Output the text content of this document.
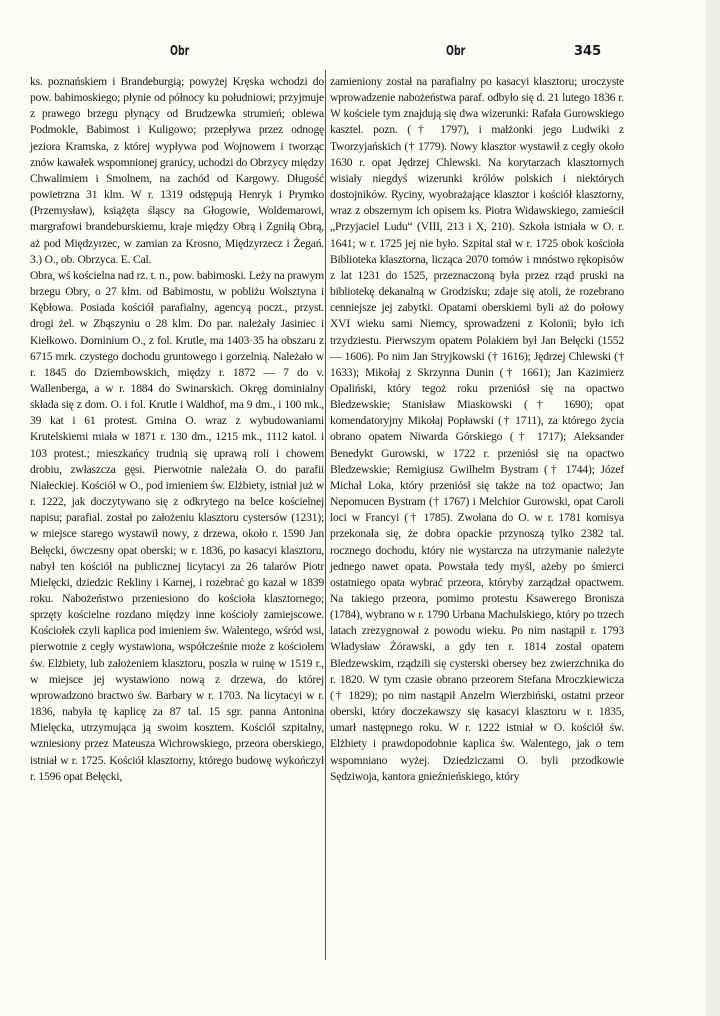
Obr	Obr	345

ks. poznańskiem i Brandeburgią; powyżej Kręska wchodzi do pow. babimoskiego; płynie od północy ku południowi; przyjmuje z prawego brzegu płynący od Brudzewka strumień; oblewa Podmokle, Babimost i Kuligowo; przepływa przez odnogę jeziora Kramska, z której wypływa pod Wojnowem i tworząc znów kawałek wspomnionej granicy, uchodzi do Obrzycy między Chwalimiem i Smolnem, na zachód od Kargowy. Długość powietrzna 31 klm. W r. 1319 odstępują Henryk i Prymko (Przemysław), książęta śląscy na Głogowie, Woldemarowi, margrafowi brandeburskiemu, kraje między Obrą i Zgniłą Obrą, aż pod Międzyrzec, w zamian za Krosno, Międzyrzecz i Żegań. 3.) O., ob. Obrzyca. E. Cal.

Obra, wś kościelna nad rz. t. n., pow. babimoski. Leży na prawym brzegu Obry, o 27 klm. od Babimostu, w pobliżu Wolsztyna i Kębłowa. Posiada kościół parafialny, agencyą poczt., przyst. drogi żel. w Zbąszyniu o 28 klm. Do par. należały Jasiniec i Kiełkowo. Dominium O., z fol. Krutle, ma 1403·35 ha obszaru z 6715 mrk. czystego dochodu gruntowego i gorzelnią. Należało w r. 1845 do Dziembowskich, między r. 1872 — 7 do v. Wallenberga, a w r. 1884 do Swinarskich. Okręg dominialny składa się z dom. O. i fol. Krutle i Waldhof, ma 9 dm., i 100 mk., 39 kat i 61 protest. Gmina O. wraz z wybudowaniami Krutelskiemi miała w 1871 r. 130 dm., 1215 mk., 1112 katol. i 103 protest.; mieszkańcy trudnią się uprawą roli i chowem drobiu, zwłaszcza gęsi. Pierwotnie należała O. do parafii Niałeckiej. Kościół w O., pod imieniem św. Elżbiety, istniał już w r. 1222, jak doczytywano się z odkrytego na belce kościelnej napisu; parafial. został po założeniu klasztoru cystersów (1231); w miejsce starego wystawił nowy, z drzewa, około r. 1590 Jan Bełęcki, ówczesny opat oberski; w r. 1836, po kasacyi klasztoru, nabył ten kościół na publicznej licytacyi za 26 talarów Piotr Mielęcki, dziedzic Rekliny i Karnej, i rozebrać go kazał w 1839 roku. Nabożeństwo przeniesiono do kościoła klasztornego; sprzęty kościelne rozdano między inne kościoły zamiejscowe. Kościołek czyli kaplica pod imieniem św. Walentego, wśród wsi, pierwotnie z cegły wystawiona, współcześnie może z kościołem św. Elżbiety, lub założeniem klasztoru, poszła w ruinę w 1519 r., w miejsce jej wystawiono nową z drzewa, do której wprowadzono bractwo św. Barbary w r. 1703. Na licytacyi w r. 1836, nabyła tę kaplicę za 87 tal. 15 sgr. panna Antonina Mielęcka, utrzymująca ją swoim kosztem. Kościół szpitalny, wzniesiony przez Mateusza Wichrowskiego, przeora oberskiego, istniał w r. 1725. Kościół klasztorny, którego budowę wykończył r. 1596 opat Bełęcki,

zamieniony został na parafialny po kasacyi klasztoru; uroczyste wprowadzenie nabożeństwa paraf. odbyło się d. 21 lutego 1836 r. W kościele tym znajdują się dwa wizerunki: Rafała Gurowskiego kasztel. pozn. († 1797), i małżonki jego Ludwiki z Tworzyjańskich († 1779). Nowy klasztor wystawił z cegły około 1630 r. opat Jędrzej Chlewski. Na korytarzach klasztornych wisiały niegdyś wizerunki królów polskich i niektórych dostojników. Ryciny, wyobrażające klasztor i kościół klasztorny, wraz z obszernym ich opisem ks. Piotra Widawskiego, zamieścił „Przyjaciel Ludu“ (VIII, 213 i X, 210). Szkoła istniała w O. r. 1641; w r. 1725 jej nie było. Szpital stał w r. 1725 obok kościoła Biblioteka klasztorna, licząca 2070 tomów i mnóstwo rękopisów z lat 1231 do 1525, przeznaczoną była przez rząd pruski na bibliotekę dekanalną w Grodzisku; zdaje się atoli, że rozebrano cenniejsze jej zabytki. Opatami oberskiemi byli aż do połowy XVI wieku sami Niemcy, sprowadzeni z Kolonii; było ich trzydziestu. Pierwszym opatem Polakiem był Jan Bełęcki (1552 — 1606). Po nim Jan Stryjkowski († 1616); Jędrzej Chlewski († 1633); Mikołaj z Skrzynna Dunin († 1661); Jan Kazimierz Opaliński, który tegoż roku przeniósł się na opactwo Bledzewskie; Stanisław Miaskowski († 1690); opat komendatoryjny Mikołaj Popławski († 1711), za którego życia obrano opatem Niwarda Górskiego († 1717); Aleksander Benedykt Gurowski, w 1722 r. przeniósł się na opactwo Bledzewskie; Remigiusz Gwilhelm Bystram († 1744); Józef Michał Loka, który przeniósł się także na toż opactwo; Jan Nepomucen Bystram († 1767) i Melchior Gurowski, opat Caroli loci w Francyi († 1785). Zwołana do O. w r. 1781 komisya przekonała się, że dobra opackie przynoszą tylko 2382 tal. rocznego dochodu, który nie wystarcza na utrzymanie należyte jednego nawet opata. Powstała tedy myśl, ażeby po śmierci ostatniego opata wybrać przeora, któryby zarządzał opactwem. Na takiego przeora, pomimo protestu Ksawerego Bronisza (1784), wybrano w r. 1790 Urbana Machulskiego, który po trzech latach zrezygnował z powodu wieku. Po nim nastąpił r. 1793 Władysław Żórawski, a gdy ten r. 1814 został opatem Bledzewskim, rządzili się cysterski obersey bez zwierzchnika do r. 1820. W tym czasie obrano przeorem Stefana Mroczkiewicza († 1829); po nim nastąpił Anzelm Wierzbiński, ostatni przeor oberski, który doczekawszy się kasacyi klasztoru w r. 1835, umarł następnego roku. W r. 1222 istniał w O. kościół św. Elżbiety i prawdopodobnie kaplica św. Walentego, jak o tem wspomniano wyżej. Dziedziczami O. byli przodkowie Sędziwoja, kantora gnieźnieńskiego, który
